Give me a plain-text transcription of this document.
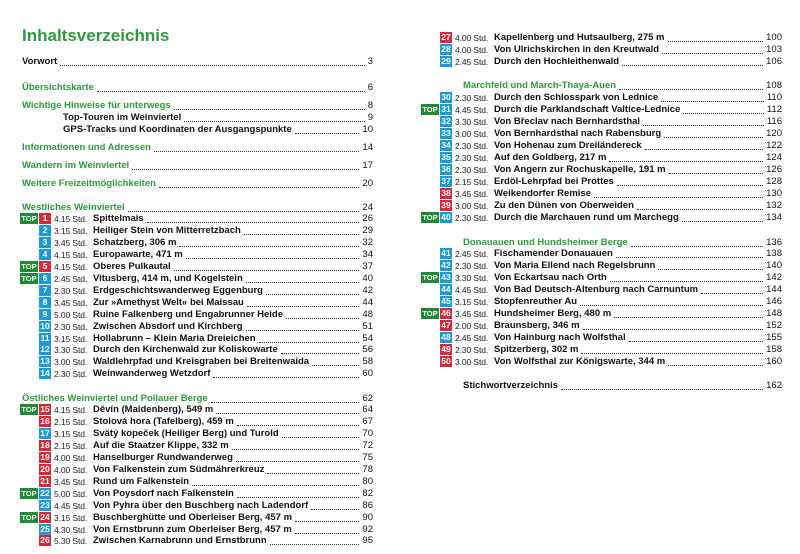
Inhaltsverzeichnis
Vorwort	3
Übersichtskarte	6
Wichtige Hinweise für unterwegs	8
Top-Touren im Weinviertel	9
GPS-Tracks und Koordinaten der Ausgangspunkte	10
Informationen und Adressen	14
Wandern im Weinviertel	17
Weitere Freizeitmöglichkeiten	20
Westliches Weinviertel	24
TOP 1 4.15 Std. Spittelmais	26
2 3.15 Std. Heiliger Stein von Mitterretzbach	29
3 3.45 Std. Schatzberg, 306 m	32
4 4.15 Std. Europawarte, 471 m	34
TOP 5 4.15 Std. Oberes Pulkautal	37
TOP 6 2.45 Std. Vitusberg, 414 m, und Kogelstein	40
7 2.30 Std. Erdgeschichtswanderweg Eggenburg	42
8 3.45 Std. Zur »Amethyst Welt« bei Maissau	44
9 5.00 Std. Ruine Falkenberg und Engabrunner Heide	48
10 2.30 Std. Zwischen Absdorf und Kirchberg	51
11 3.15 Std. Hollabrunn – Klein Maria Dreieichen	54
12 3.30 Std. Durch den Kirchenwald zur Koliskowarte	56
13 3.00 Std. Waldlehrpfad und Kreisgraben bei Breitenwaida	58
14 2.30 Std. Weinwanderweg Wetzdorf	60
Östliches Weinviertel und Pollauer Berge	62
TOP 15 4.15 Std. Děvín (Maidenberg), 549 m	64
16 2.15 Std. Stolová hora (Tafelberg), 459 m	67
17 3.15 Std. Svätý kopeček (Heiliger Berg) und Turold	70
18 2.15 Std. Auf die Staatzer Klippe, 332 m	72
19 4.00 Std. Hanselburger Rundwanderweg	75
20 4.00 Std. Von Falkenstein zum Südmährerkreuz	78
21 3.45 Std. Rund um Falkenstein	80
TOP 22 5.00 Std. Von Poysdorf nach Falkenstein	82
23 4.45 Std. Von Pyhra über den Buschberg nach Ladendorf	86
TOP 24 3.15 Std. Buschberghütte und Oberleiser Berg, 457 m	90
25 4.30 Std. Von Ernstbrunn zum Oberleiser Berg, 457 m	92
26 5.30 Std. Zwischen Karnabrunn und Ernstbrunn	95
27 4.00 Std. Kapellenberg und Hutsaulberg, 275 m	100
28 4.00 Std. Von Ulrichskirchen in den Kreutwald	103
29 2.45 Std. Durch den Hochleithenwald	106
Marchfeld und March-Thaya-Auen	108
30 2.30 Std. Durch den Schlosspark von Lednice	110
TOP 31 4.45 Std. Durch die Parklandschaft Valtice-Lednice	112
32 3.30 Std. Von Břeclav nach Bernhardsthal	116
33 3.00 Std. Von Bernhardsthal nach Rabensburg	120
34 2.30 Std. Von Hohenau zum Dreiländereck	122
35 2.30 Std. Auf den Goldberg, 217 m	124
36 2.30 Std. Von Angern zur Rochuskapelle, 191 m	126
37 2.15 Std. Erdöl-Lehrpfad bei Prottes	128
38 3.45 Std. Weikendorfer Remise	130
39 3.00 Std. Zu den Dünen von Oberweiden	132
TOP 40 2.30 Std. Durch die Marchauen rund um Marchegg	134
Donauauen und Hundsheimer Berge	136
41 2.45 Std. Fischamender Donauauen	138
42 2.30 Std. Von Maria Ellend nach Regelsbrunn	140
TOP 43 3.30 Std. Von Eckartsau nach Orth	142
44 4.45 Std. Von Bad Deutsch-Altenburg nach Carnuntum	144
45 3.15 Std. Stopfenreuther Au	146
TOP 46 3.45 Std. Hundsheimer Berg, 480 m	148
47 2.00 Std. Braunsberg, 346 m	152
48 2.45 Std. Von Hainburg nach Wolfsthal	155
49 2.30 Std. Spitzerberg, 302 m	158
50 3.00 Std. Von Wolfsthal zur Königswarte, 344 m	160
Stichwortverzeichnis	162
